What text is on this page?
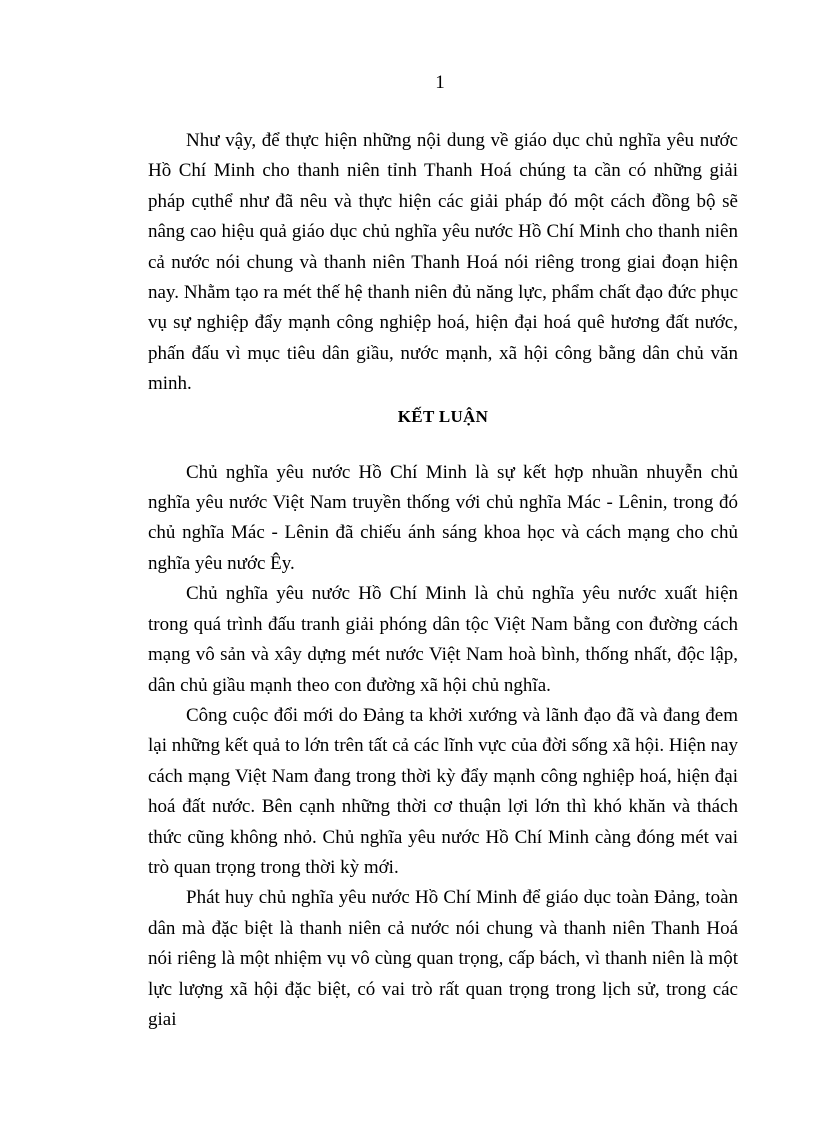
1

Như vậy, để thực hiện những nội dung về giáo dục chủ nghĩa yêu nước Hồ Chí Minh cho thanh niên tỉnh Thanh Hoá chúng ta cần có những giải pháp cụthể như đã nêu và thực hiện các giải pháp đó một cách đồng bộ sẽ nâng cao hiệu quả giáo dục chủ nghĩa yêu nước Hồ Chí Minh cho thanh niên cả nước nói chung và thanh niên Thanh Hoá nói riêng trong giai đoạn hiện nay. Nhằm tạo ra mét thế hệ thanh niên đủ năng lực, phẩm chất đạo đức phục vụ sự nghiệp đẩy mạnh công nghiệp hoá, hiện đại hoá quê hương đất nước, phấn đấu vì mục tiêu dân giầu, nước mạnh, xã hội công bằng dân chủ văn minh.

KẾT LUẬN

Chủ nghĩa yêu nước Hồ Chí Minh là sự kết hợp nhuần nhuyễn chủ nghĩa yêu nước Việt Nam truyền thống với chủ nghĩa Mác - Lênin, trong đó chủ nghĩa Mác - Lênin đã chiếu ánh sáng khoa học và cách mạng cho chủ nghĩa yêu nước Êy.

Chủ nghĩa yêu nước Hồ Chí Minh là chủ nghĩa yêu nước xuất hiện trong quá trình đấu tranh giải phóng dân tộc Việt Nam bằng con đường cách mạng vô sản và xây dựng mét nước Việt Nam hoà bình, thống nhất, độc lập, dân chủ giầu mạnh theo con đường xã hội chủ nghĩa.

Công cuộc đổi mới do Đảng ta khởi xướng và lãnh đạo đã và đang đem lại những kết quả to lớn trên tất cả các lĩnh vực của đời sống xã hội. Hiện nay cách mạng Việt Nam đang trong thời kỳ đẩy mạnh công nghiệp hoá, hiện đại hoá đất nước. Bên cạnh những thời cơ thuận lợi lớn thì khó khăn và thách thức cũng không nhỏ. Chủ nghĩa yêu nước Hồ Chí Minh càng đóng mét vai trò quan trọng trong thời kỳ mới.

Phát huy chủ nghĩa yêu nước Hồ Chí Minh để giáo dục toàn Đảng, toàn dân mà đặc biệt là thanh niên cả nước nói chung và thanh niên Thanh Hoá nói riêng là một nhiệm vụ vô cùng quan trọng, cấp bách, vì thanh niên là một lực lượng xã hội đặc biệt, có vai trò rất quan trọng trong lịch sử, trong các giai
